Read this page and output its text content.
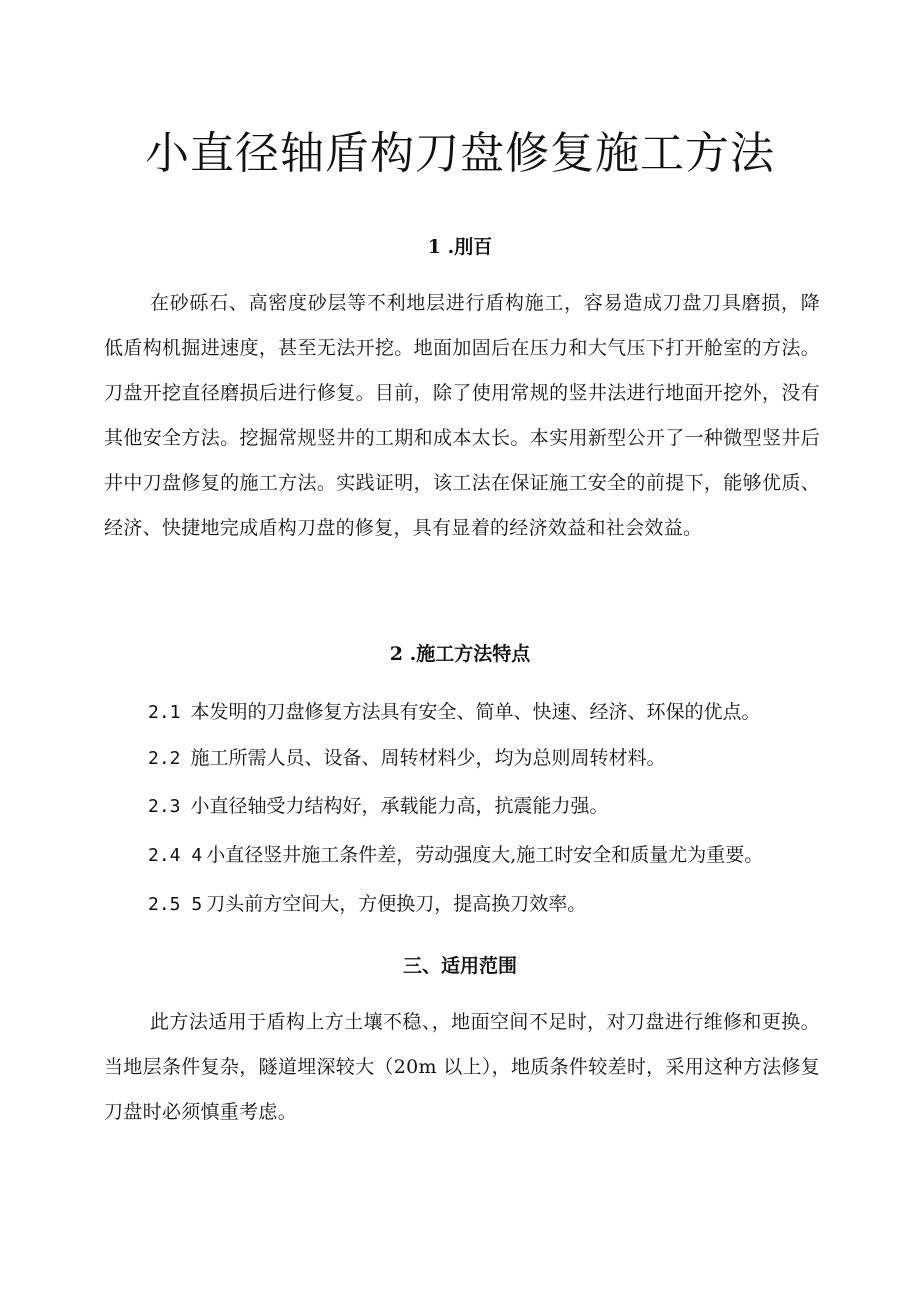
小直径轴盾构刀盘修复施工方法
1 .刖百

在砂砾石、高密度砂层等不利地层进行盾构施工，容易造成刀盘刀具磨损，降低盾构机掘进速度，甚至无法开挖。地面加固后在压力和大气压下打开舱室的方法。刀盘开挖直径磨损后进行修复。目前，除了使用常规的竖井法进行地面开挖外，没有其他安全方法。挖掘常规竖井的工期和成本太长。本实用新型公开了一种微型竖井后井中刀盘修复的施工方法。实践证明，该工法在保证施工安全的前提下，能够优质、经济、快捷地完成盾构刀盘的修复，具有显着的经济效益和社会效益。

2 .施工方法特点
2.1 本发明的刀盘修复方法具有安全、简单、快速、经济、环保的优点。
2.2 施工所需人员、设备、周转材料少，均为总则周转材料。
2.3 小直径轴受力结构好，承载能力高，抗震能力强。
2.4 4 小直径竖井施工条件差，劳动强度大,施工时安全和质量尤为重要。
2.5 5 刀头前方空间大，方便换刀，提高换刀效率。
三、适用范围

此方法适用于盾构上方土壤不稳、，地面空间不足时，对刀盘进行维修和更换。当地层条件复杂，隧道埋深较大（20m 以上），地质条件较差时，采用这种方法修复刀盘时必须慎重考虑。
